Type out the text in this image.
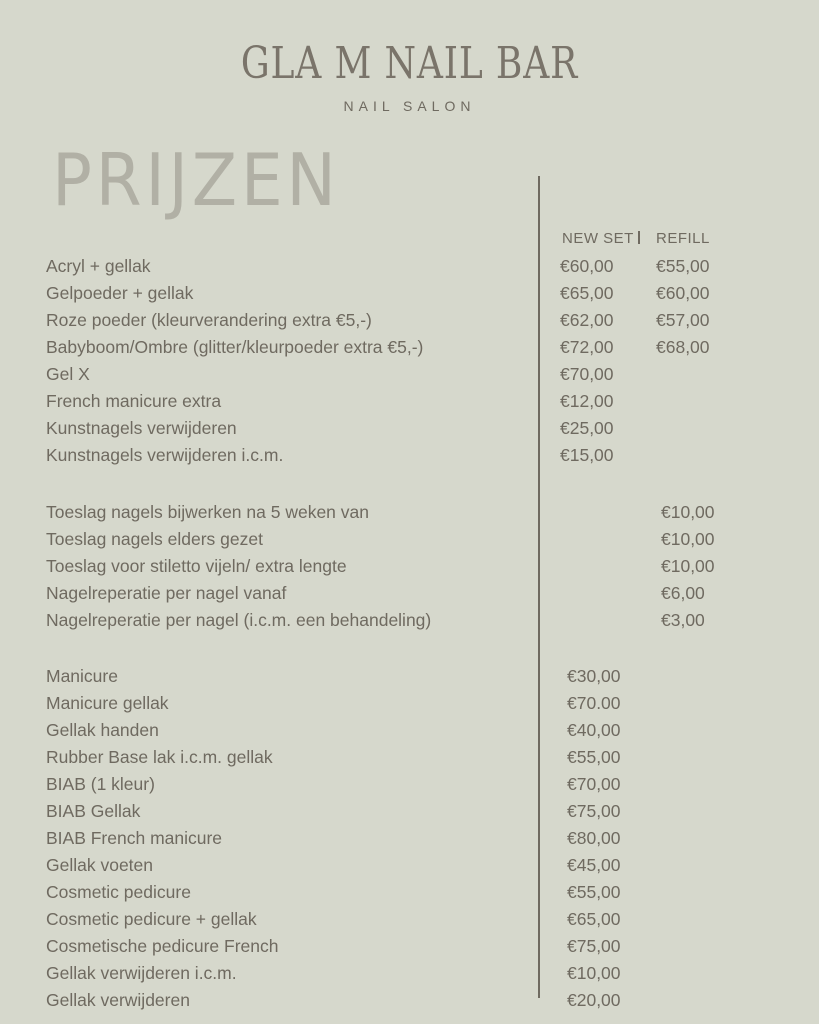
GLA M NAIL BAR
NAIL SALON
PRIJZEN
NEW SET REFILL
Acryl + gellak	€60,00 €55,00
Gelpoeder + gellak	€65,00 €60,00
Roze poeder (kleurverandering extra €5,-)	€62,00 €57,00
Babyboom/Ombre (glitter/kleurpoeder extra €5,-)	€72,00 €68,00
Gel X	€70,00
French manicure extra	€12,00
Kunstnagels verwijderen	€25,00
Kunstnagels verwijderen i.c.m.	€15,00
Toeslag nagels bijwerken na 5 weken van	€10,00
Toeslag nagels elders gezet	€10,00
Toeslag voor stiletto vijeln/ extra lengte	€10,00
Nagelreperatie per nagel vanaf	€6,00
Nagelreperatie per nagel (i.c.m. een behandeling)	€3,00
Manicure	€30,00
Manicure gellak	€70.00
Gellak handen	€40,00
Rubber Base lak i.c.m. gellak	€55,00
BIAB (1 kleur)	€70,00
BIAB Gellak	€75,00
BIAB French manicure	€80,00
Gellak voeten	€45,00
Cosmetic pedicure	€55,00
Cosmetic pedicure + gellak	€65,00
Cosmetische pedicure French	€75,00
Gellak verwijderen i.c.m.	€10,00
Gellak verwijderen	€20,00
